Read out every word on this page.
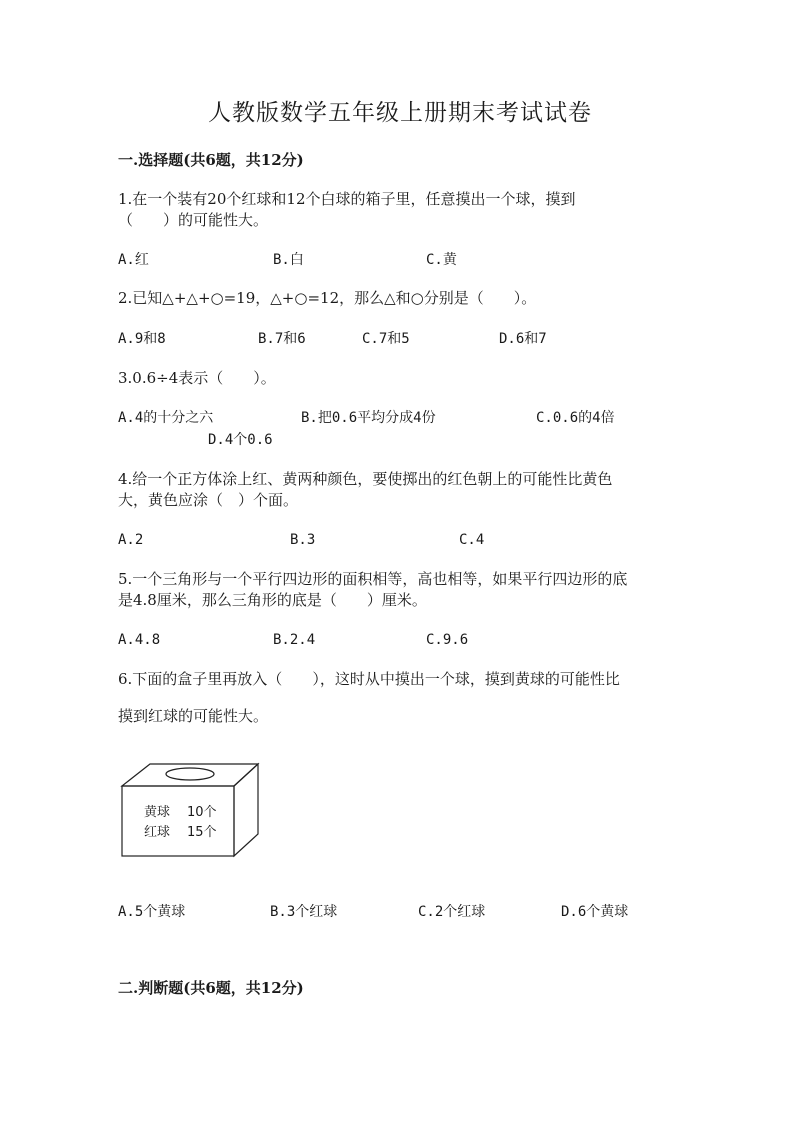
人教版数学五年级上册期末考试试卷
一.选择题(共6题，共12分)
1.在一个装有20个红球和12个白球的箱子里，任意摸出一个球，摸到
（　　）的可能性大。
A.红	B.白	C.黄
2.已知△+△+○=19，△+○=12，那么△和○分别是（　　）。
A.9和8	B.7和6	C.7和5	D.6和7
3.0.6÷4表示（　　）。
A.4的十分之六	B.把0.6平均分成4份	C.0.6的4倍
D.4个0.6
4.给一个正方体涂上红、黄两种颜色，要使掷出的红色朝上的可能性比黄色
大，黄色应涂（　）个面。
A.2	B.3	C.4
5.一个三角形与一个平行四边形的面积相等，高也相等，如果平行四边形的底
是4.8厘米，那么三角形的底是（　　）厘米。
A.4.8	B.2.4	C.9.6
6.下面的盒子里再放入（　　），这时从中摸出一个球，摸到黄球的可能性比
摸到红球的可能性大。
黄球 10个
红球 15个
A.5个黄球	B.3个红球	C.2个红球	D.6个黄球
二.判断题(共6题，共12分)
